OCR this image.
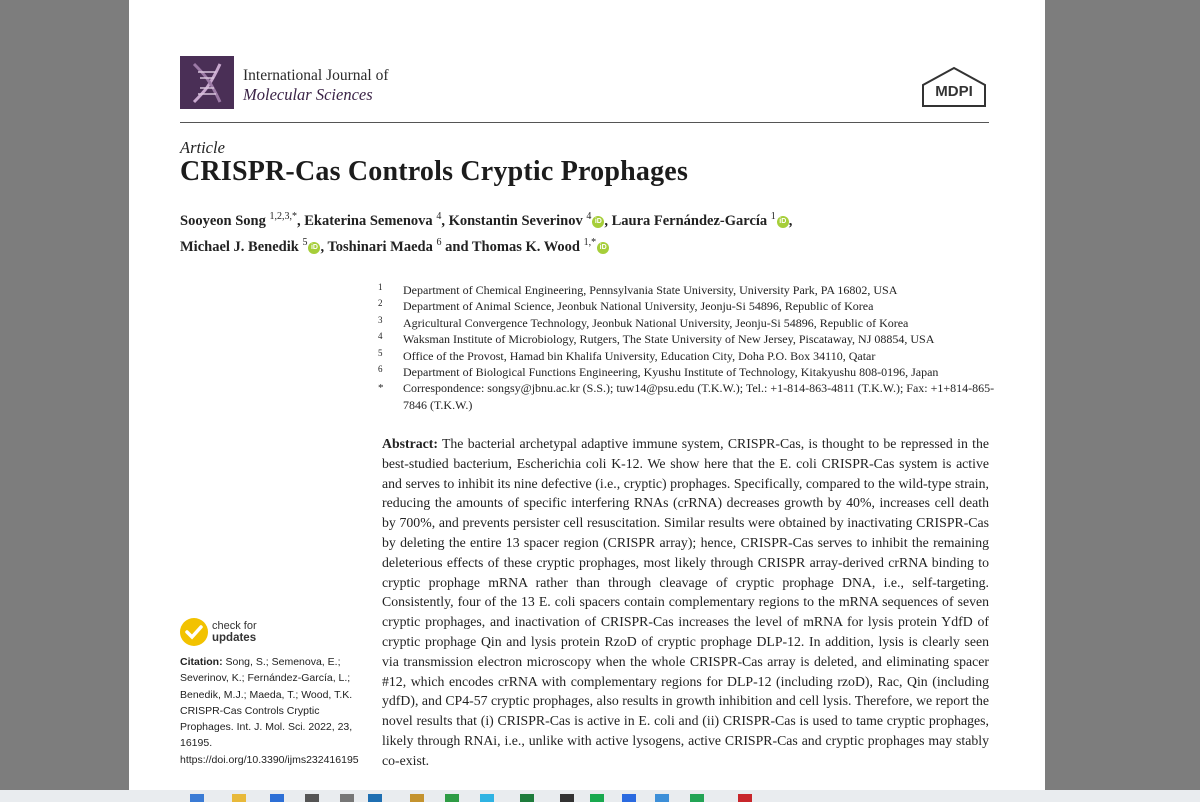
International Journal of
Molecular Sciences	MDPI
Article
CRISPR-Cas Controls Cryptic Prophages
Sooyeon Song $^{1,2,3,*}$, Ekaterina Semenova $^4$, Konstantin Severinov $^4$ iD , Laura Fernández-García $^1$ iD ,
Michael J. Benedik $^5$ iD , Toshinari Maeda $^6$ and Thomas K. Wood $^{1,*}$ iD
1 Department of Chemical Engineering, Pennsylvania State University, University Park, PA 16802, USA
2 Department of Animal Science, Jeonbuk National University, Jeonju-Si 54896, Republic of Korea
3 Agricultural Convergence Technology, Jeonbuk National University, Jeonju-Si 54896, Republic of Korea
4 Waksman Institute of Microbiology, Rutgers, The State University of New Jersey, Piscataway, NJ 08854, USA
5 Office of the Provost, Hamad bin Khalifa University, Education City, Doha P.O. Box 34110, Qatar
6 Department of Biological Functions Engineering, Kyushu Institute of Technology, Kitakyushu 808-0196, Japan
* Correspondence: songsy@jbnu.ac.kr (S.S.); tuw14@psu.edu (T.K.W.); Tel.: +1-814-863-4811 (T.K.W.); Fax: +1+814-865-7846 (T.K.W.)

Abstract: The bacterial archetypal adaptive immune system, CRISPR-Cas, is thought to be repressed in the best-studied bacterium, Escherichia coli K-12. We show here that the E. coli CRISPR-Cas system is active and serves to inhibit its nine defective (i.e., cryptic) prophages. Specifically, compared to the wild-type strain, reducing the amounts of specific interfering RNAs (crRNA) decreases growth by 40%, increases cell death by 700%, and prevents persister cell resuscitation. Similar results were obtained by inactivating CRISPR-Cas by deleting the entire 13 spacer region (CRISPR array); hence, CRISPR-Cas serves to inhibit the remaining deleterious effects of these cryptic prophages, most likely through CRISPR array-derived crRNA binding to cryptic prophage mRNA rather than through cleavage of cryptic prophage DNA, i.e., self-targeting. Consistently, four of the 13 E. coli spacers contain complementary regions to the mRNA sequences of seven cryptic prophages, and inactivation of CRISPR-Cas increases the level of mRNA for lysis protein YdfD of cryptic prophage Qin and lysis protein RzoD of cryptic prophage DLP-12. In addition, lysis is clearly seen via transmission electron microscopy when the whole CRISPR-Cas array is deleted, and eliminating spacer #12, which encodes crRNA with complementary regions for DLP-12 (including rzoD), Rac, Qin (including ydfD), and CP4-57 cryptic prophages, also results in growth inhibition and cell lysis. Therefore, we report the novel results that (i) CRISPR-Cas is active in E. coli and (ii) CRISPR-Cas is used to tame cryptic prophages, likely through RNAi, i.e., unlike with active lysogens, active CRISPR-Cas and cryptic prophages may stably co-exist.

check for
updates
Citation: Song, S.; Semenova, E.; Severinov, K.; Fernández-García, L.; Benedik, M.J.; Maeda, T.; Wood, T.K. CRISPR-Cas Controls Cryptic Prophages. Int. J. Mol. Sci. 2022, 23, 16195. https://doi.org/10.3390/ijms232416195
